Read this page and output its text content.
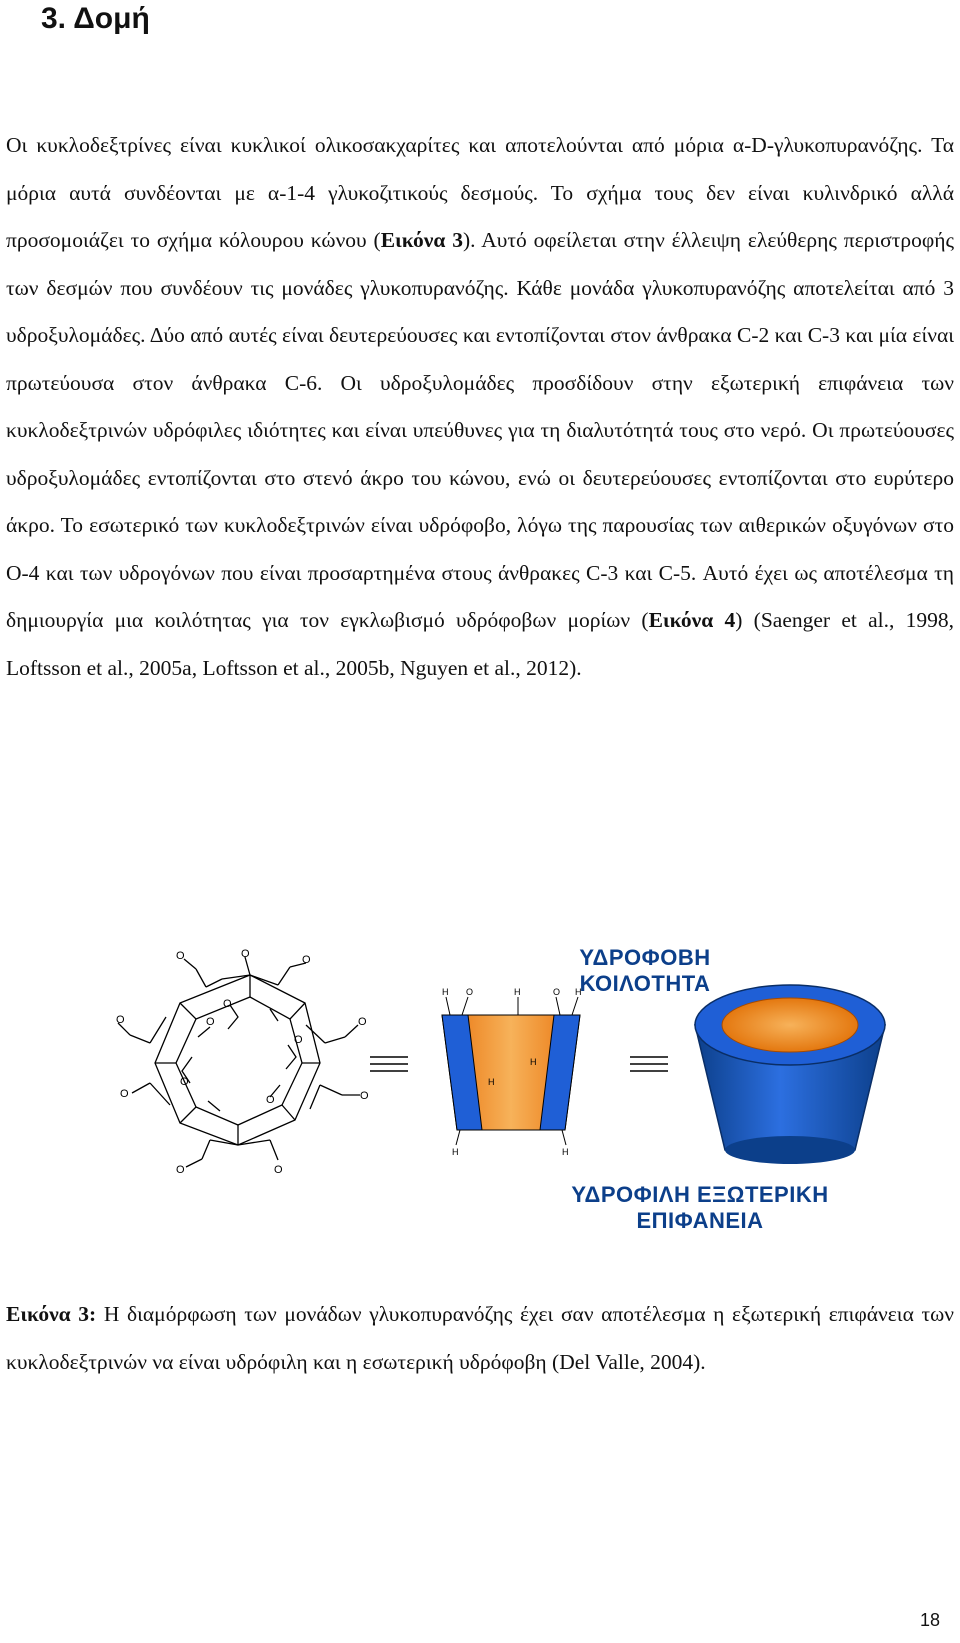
3. Δομή

Οι κυκλοδεξτρίνες είναι κυκλικοί ολικοσακχαρίτες και αποτελούνται από μόρια α-D-γλυκοπυρανόζης. Τα μόρια αυτά συνδέονται με α-1-4 γλυκοζιτικούς δεσμούς. Το σχήμα τους δεν είναι κυλινδρικό αλλά προσομοιάζει το σχήμα κόλουρου κώνου (Εικόνα 3). Αυτό οφείλεται στην έλλειψη ελεύθερης περιστροφής των δεσμών που συνδέουν τις μονάδες γλυκοπυρανόζης. Κάθε μονάδα γλυκοπυρανόζης αποτελείται από 3 υδροξυλομάδες. Δύο από αυτές είναι δευτερεύουσες και εντοπίζονται στον άνθρακα C-2 και C-3 και μία είναι πρωτεύουσα στον άνθρακα C-6. Οι υδροξυλομάδες προσδίδουν στην εξωτερική επιφάνεια των κυκλοδεξτρινών υδρόφιλες ιδιότητες και είναι υπεύθυνες για τη διαλυτότητά τους στο νερό. Οι πρωτεύουσες υδροξυλομάδες εντοπίζονται στο στενό άκρο του κώνου, ενώ οι δευτερεύουσες εντοπίζονται στο ευρύτερο άκρο. Το εσωτερικό των κυκλοδεξτρινών είναι υδρόφοβο, λόγω της παρουσίας των αιθερικών οξυγόνων στο Ο-4 και των υδρογόνων που είναι προσαρτημένα στους άνθρακες C-3 και C-5. Αυτό έχει ως αποτέλεσμα τη δημιουργία μια κοιλότητας για τον εγκλωβισμό υδρόφοβων μορίων (Εικόνα 4) (Saenger et al., 1998, Loftsson et al., 2005a, Loftsson et al., 2005b, Nguyen et al., 2012).

O	O
O
O
O
O
O
O
O
O
O
O
O
O
H O	O H
H
H	H
H
H
ΥΔΡΟΦΟΒΗ
ΚΟΙΛΟΤΗΤΑ
ΥΔΡΟΦΙΛΗ ΕΞΩΤΕΡΙΚΗ
ΕΠΙΦΑΝΕΙΑ

Εικόνα 3: Η διαμόρφωση των μονάδων γλυκοπυρανόζης έχει σαν αποτέλεσμα η εξωτερική επιφάνεια των κυκλοδεξτρινών να είναι υδρόφιλη και η εσωτερική υδρόφοβη (Del Valle, 2004).

18
